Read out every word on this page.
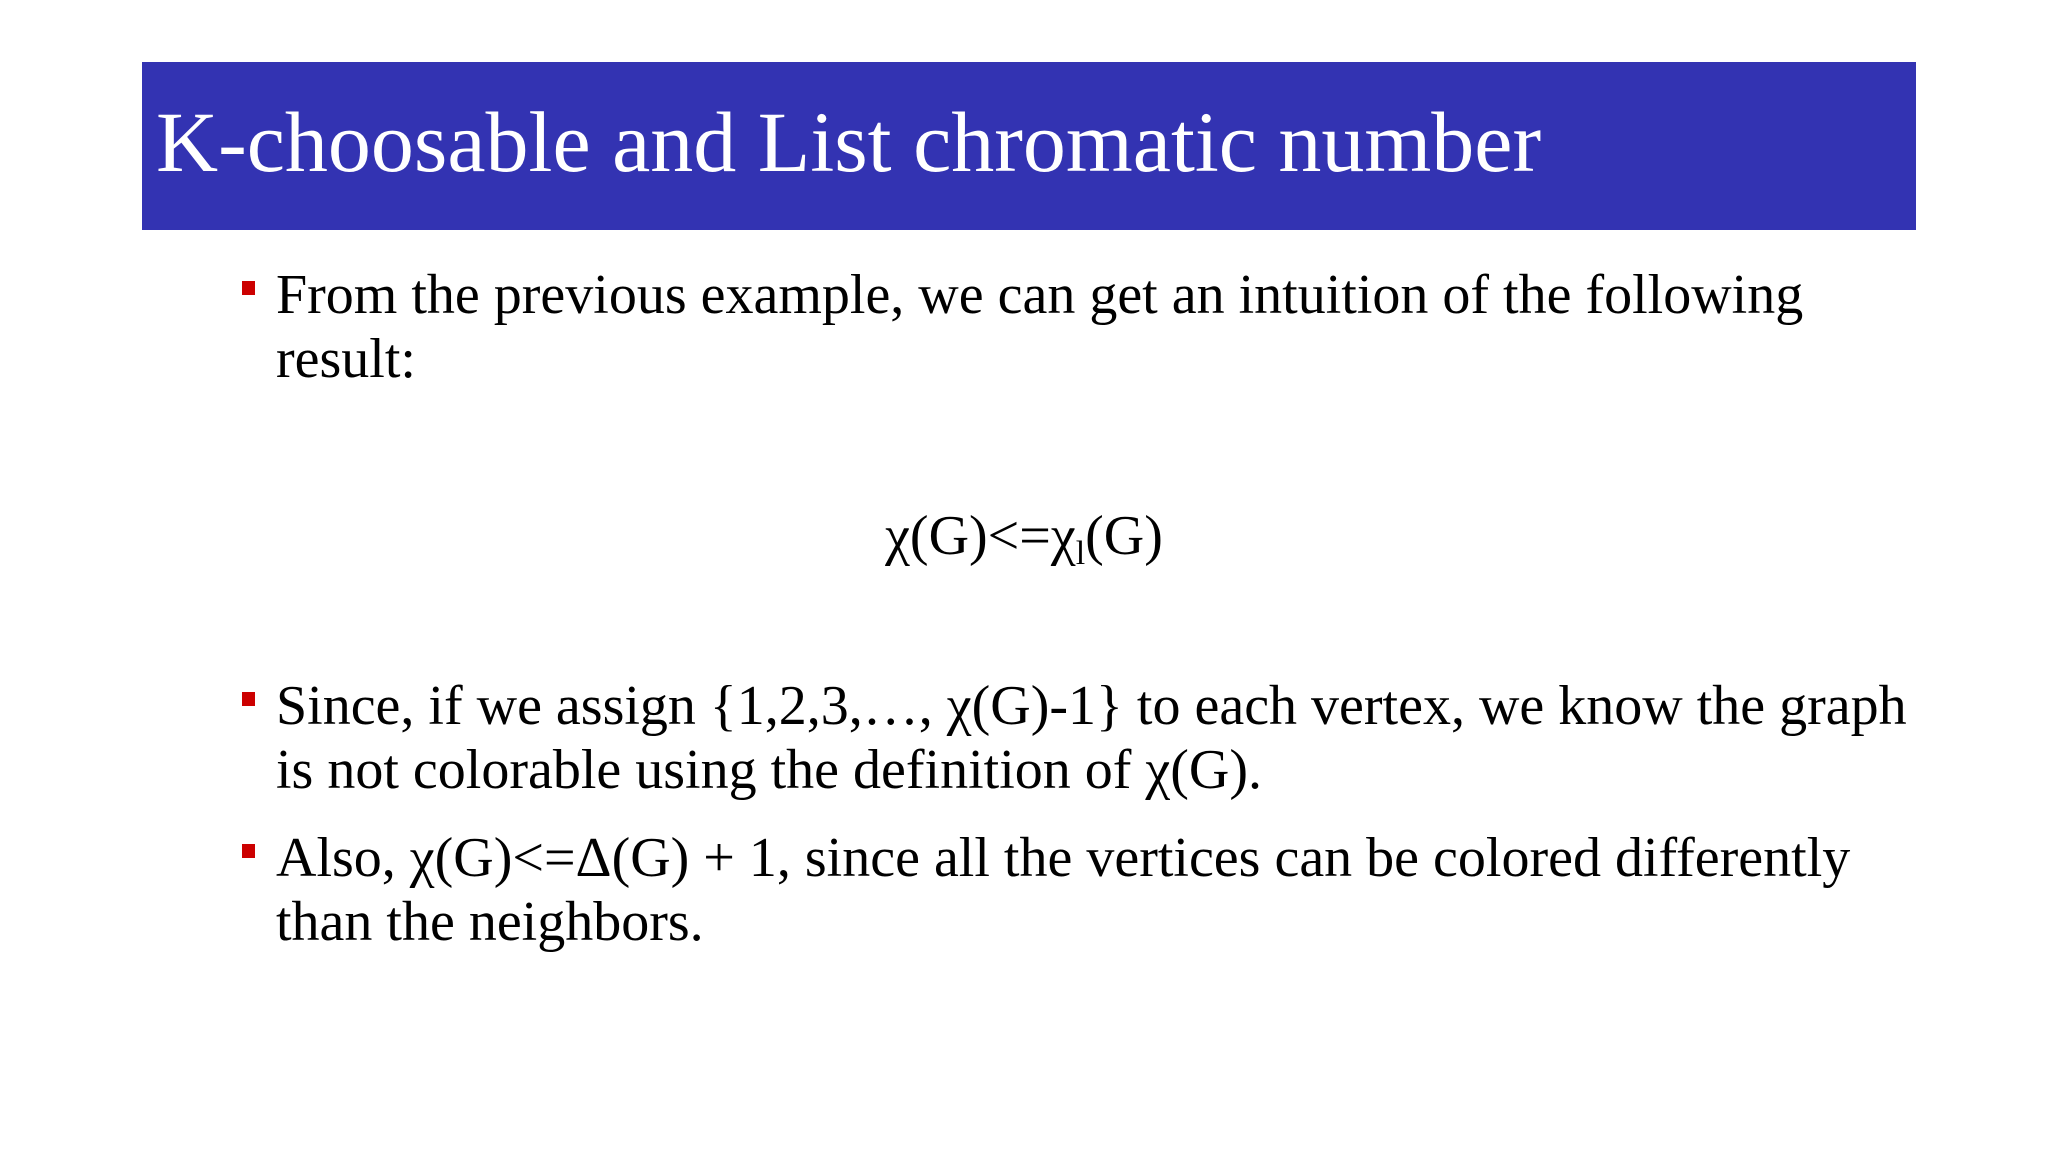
K-choosable and List chromatic number
From the previous example, we can get an intuition of the following result:
$\chi(G)<=\chi_l(G)$
Since, if we assign {1,2,3,…, χ(G)-1} to each vertex, we know the graph is not colorable using the definition of χ(G).
Also, χ(G)<=Δ(G) + 1, since all the vertices can be colored differently than the neighbors.
